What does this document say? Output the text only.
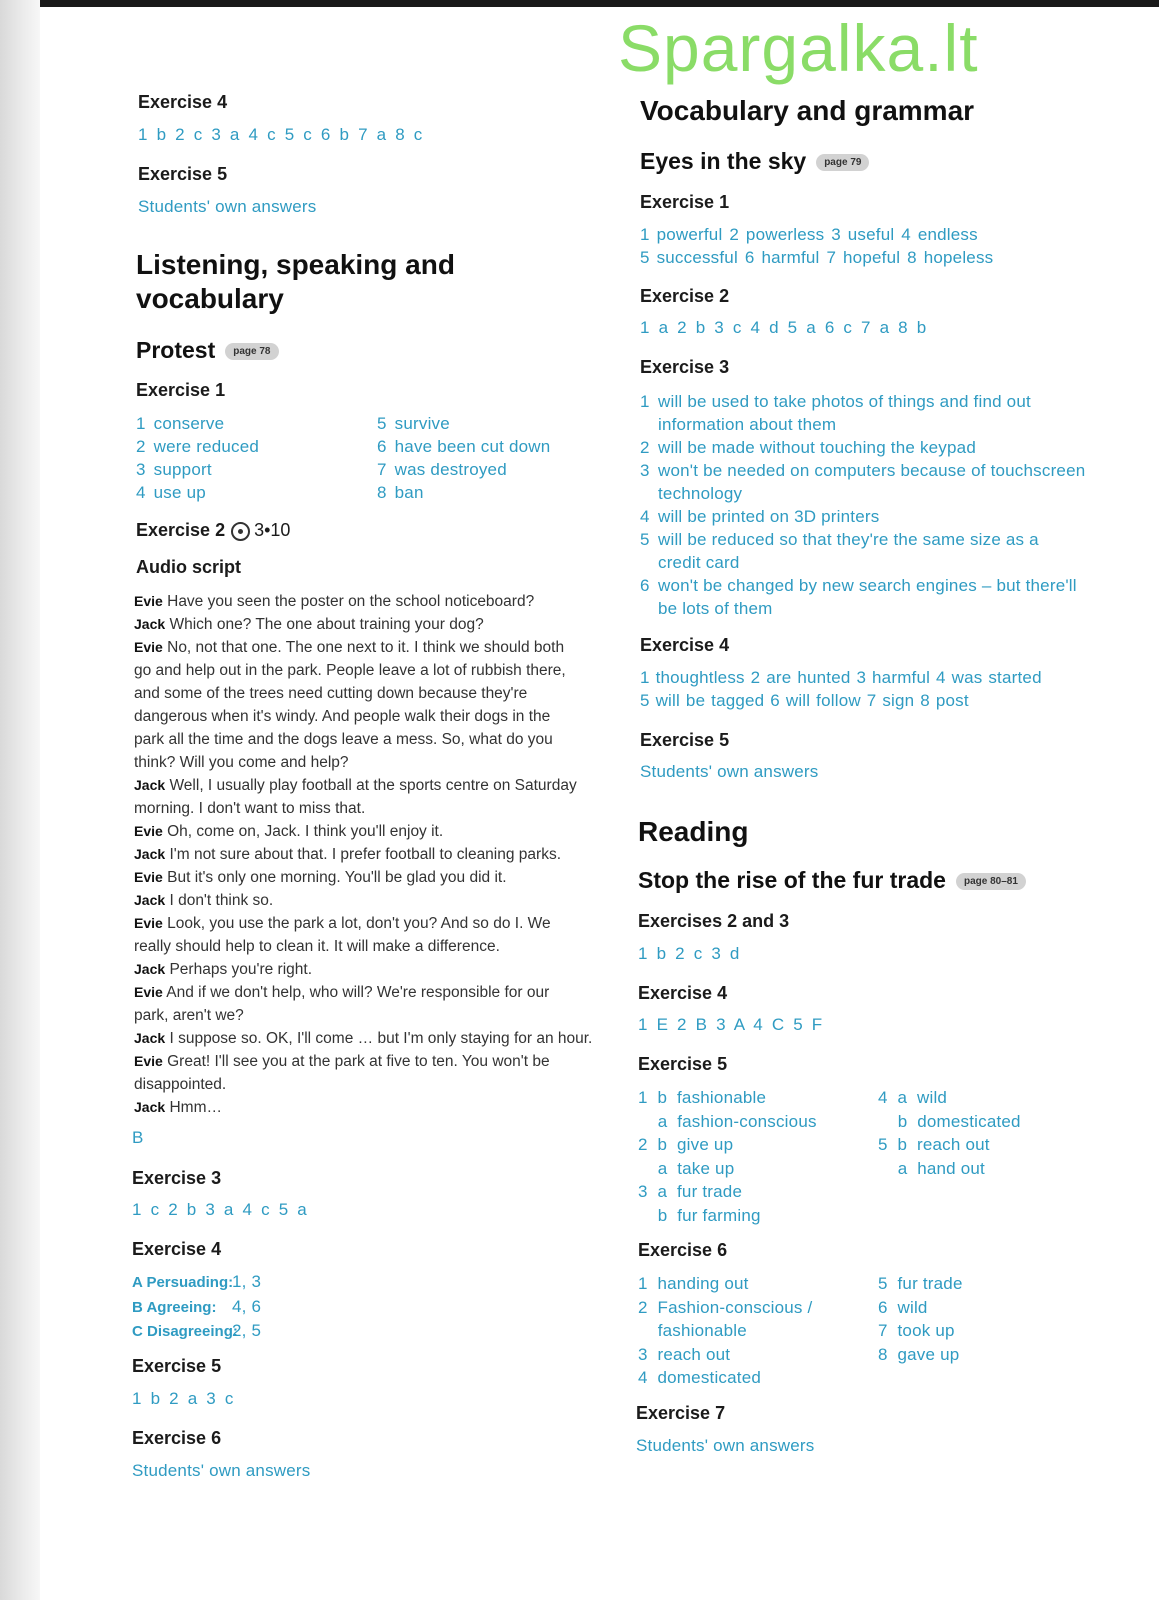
Spargalka.lt
Exercise 4
1 b 2 c 3 a 4 c 5 c 6 b 7 a 8 c
Exercise 5
Students' own answers
Listening, speaking and
vocabulary
Protest page 78
Exercise 1
1 conserve
2 were reduced
3 support
4 use up
5 survive
6 have been cut down
7 was destroyed
8 ban
Exercise 2 3•10
Audio script
Evie Have you seen the poster on the school noticeboard?
Jack Which one? The one about training your dog?
Evie No, not that one. The one next to it. I think we should both
go and help out in the park. People leave a lot of rubbish there,
and some of the trees need cutting down because they're
dangerous when it's windy. And people walk their dogs in the
park all the time and the dogs leave a mess. So, what do you
think? Will you come and help?
Jack Well, I usually play football at the sports centre on Saturday
morning. I don't want to miss that.
Evie Oh, come on, Jack. I think you'll enjoy it.
Jack I'm not sure about that. I prefer football to cleaning parks.
Evie But it's only one morning. You'll be glad you did it.
Jack I don't think so.
Evie Look, you use the park a lot, don't you? And so do I. We
really should help to clean it. It will make a difference.
Jack Perhaps you're right.
Evie And if we don't help, who will? We're responsible for our
park, aren't we?
Jack I suppose so. OK, I'll come … but I'm only staying for an hour.
Evie Great! I'll see you at the park at five to ten. You won't be
disappointed.
Jack Hmm…
B
Exercise 3
1 c 2 b 3 a 4 c 5 a
Exercise 4
A Persuading:1, 3
B Agreeing: 4, 6
C Disagreeing:2, 5
Exercise 5
1 b 2 a 3 c
Exercise 6
Students' own answers
Vocabulary and grammar
Eyes in the sky page 79
Exercise 1
1 powerful 2 powerless 3 useful 4 endless
5 successful 6 harmful 7 hopeful 8 hopeless
Exercise 2
1 a 2 b 3 c 4 d 5 a 6 c 7 a 8 b
Exercise 3
1 will be used to take photos of things and find out
information about them
2 will be made without touching the keypad
3 won't be needed on computers because of touchscreen
technology
4 will be printed on 3D printers
5 will be reduced so that they're the same size as a
credit card
6 won't be changed by new search engines – but there'll
be lots of them
Exercise 4
1 thoughtless 2 are hunted 3 harmful 4 was started
5 will be tagged 6 will follow 7 sign 8 post
Exercise 5
Students' own answers
Reading
Stop the rise of the fur trade page 80–81
Exercises 2 and 3
1 b 2 c 3 d
Exercise 4
1 E 2 B 3 A 4 C 5 F
Exercise 5
1  b  fashionable
a  fashion-conscious
2  b  give up
a  take up
3  a  fur trade
b  fur farming
4  a  wild
b  domesticated
5  b  reach out
a  hand out
Exercise 6
1  handing out
2  Fashion-conscious /
fashionable
3  reach out
4  domesticated
5  fur trade
6  wild
7  took up
8  gave up
Exercise 7
Students' own answers
